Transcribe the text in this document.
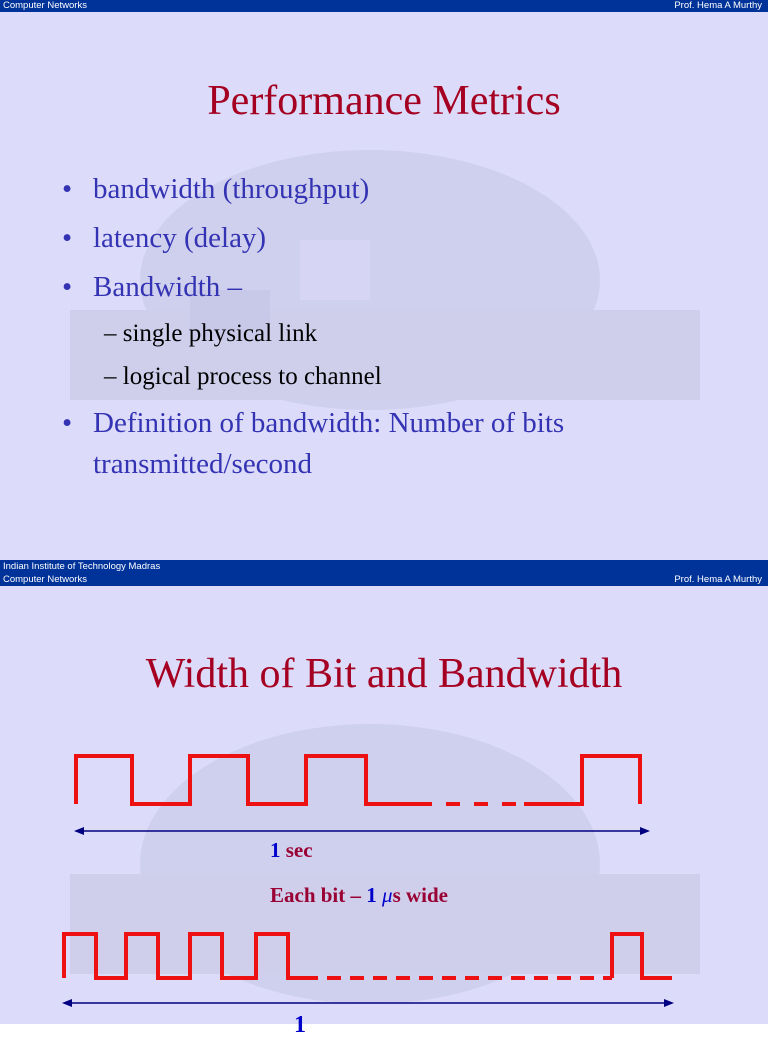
Computer Networks	Prof. Hema A Murthy
Performance Metrics
• bandwidth (throughput)
• latency (delay)
• Bandwidth –
– single physical link
– logical process to channel
• Definition of bandwidth: Number of bits
transmitted/second
Indian Institute of Technology Madras
Computer Networks	Prof. Hema A Murthy
Width of Bit and Bandwidth
1 sec
Each bit – 1 μs wide
1
